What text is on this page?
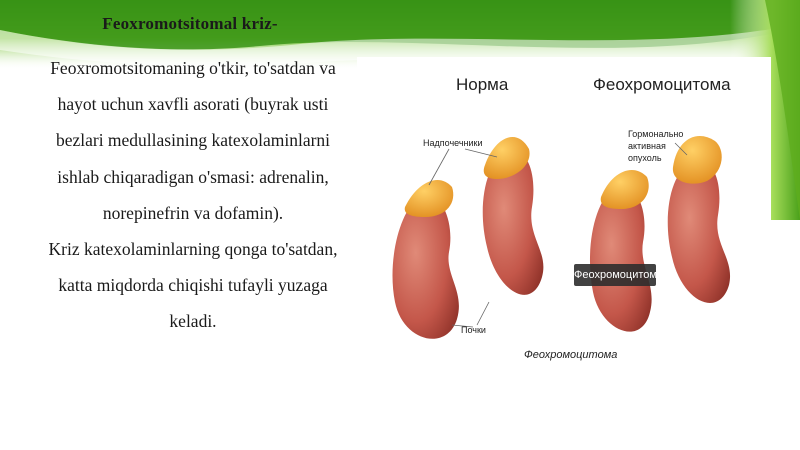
Feoxromotsitomal kriz-

Feoxromotsitomaning o'tkir, to'satdan va hayot uchun xavfli asorati (buyrak usti bezlari medullasining katexolaminlarni ishlab chiqaradigan o'smasi: adrenalin, norepinefrin va dofamin).

Kriz katexolaminlarning qonga to'satdan, katta miqdorda chiqishi tufayli yuzaga keladi.

Норма	Феохромоцитома
Надпочечники
Почки
Гормонально
активная
опухоль
Феохромоцитома
Феохромоцитома
